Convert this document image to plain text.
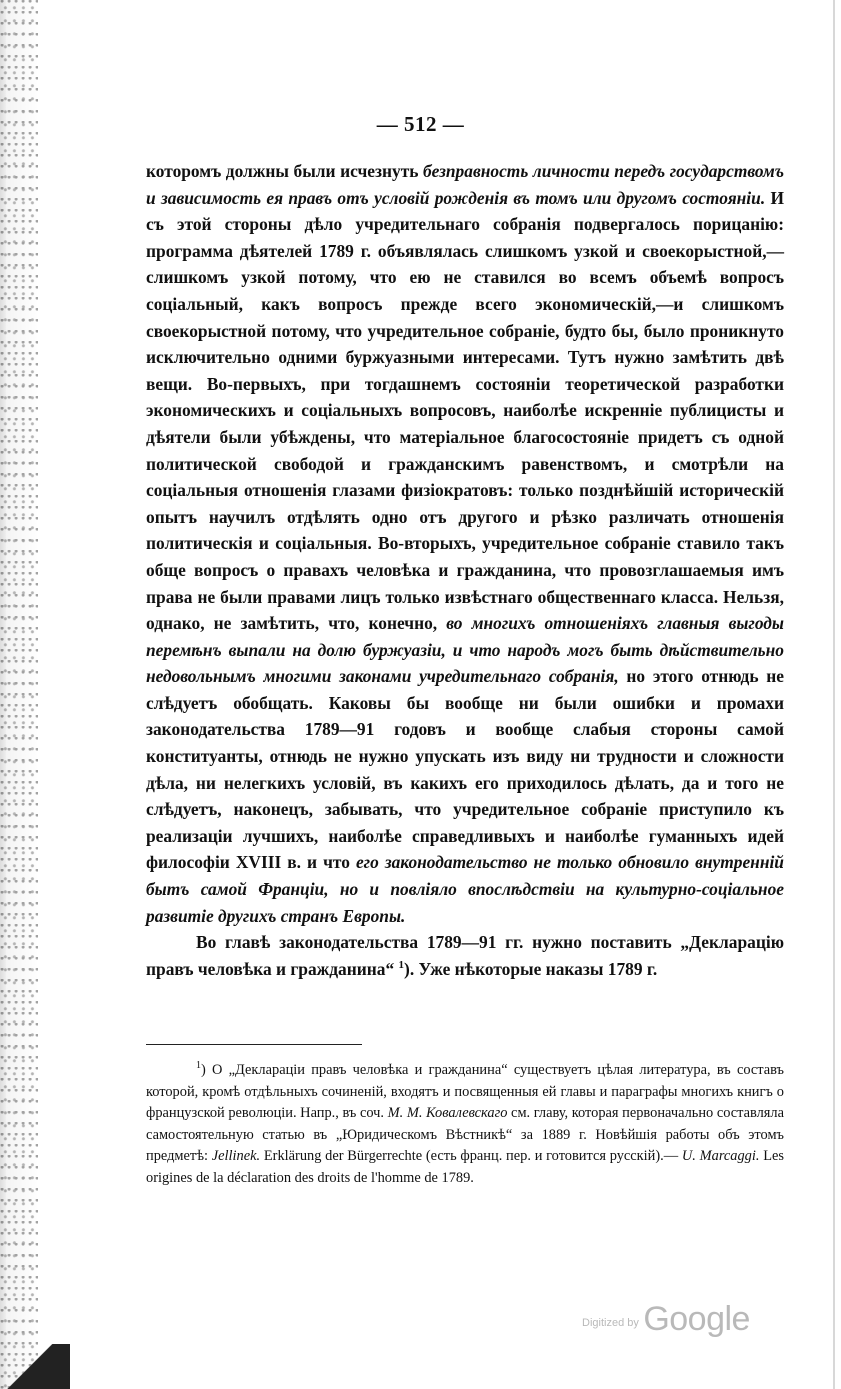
— 512 —

которомъ должны были исчезнуть безправность личности передъ государствомъ и зависимость ея правъ отъ условій рожденія въ томъ или другомъ состояніи. И съ этой стороны дѣло учредительнаго собранія подвергалось порицанію: программа дѣятелей 1789 г. объявлялась слишкомъ узкой и своекорыстной,—слишкомъ узкой потому, что ею не ставился во всемъ объемѣ вопросъ соціальный, какъ вопросъ прежде всего экономическій,—и слишкомъ своекорыстной потому, что учредительное собраніе, будто бы, было проникнуто исключительно одними буржуазными интересами. Тутъ нужно замѣтить двѣ вещи. Во-первыхъ, при тогдашнемъ состояніи теоретической разработки экономическихъ и соціальныхъ вопросовъ, наиболѣе искренніе публицисты и дѣятели были убѣждены, что матеріальное благосостояніе придетъ съ одной политической свободой и гражданскимъ равенствомъ, и смотрѣли на соціальныя отношенія глазами физіократовъ: только позднѣйшій историческій опытъ научилъ отдѣлять одно отъ другого и рѣзко различать отношенія политическія и соціальныя. Во-вторыхъ, учредительное собраніе ставило такъ обще вопросъ о правахъ человѣка и гражданина, что провозглашаемыя имъ права не были правами лицъ только извѣстнаго общественнаго класса. Нельзя, однако, не замѣтить, что, конечно, во многихъ отношеніяхъ главныя выгоды перемѣнъ выпали на долю буржуазіи, и что народъ могъ быть дѣйствительно недовольнымъ многими законами учредительнаго собранія, но этого отнюдь не слѣдуетъ обобщать. Каковы бы вообще ни были ошибки и промахи законодательства 1789—91 годовъ и вообще слабыя стороны самой конституанты, отнюдь не нужно упускать изъ виду ни трудности и сложности дѣла, ни нелегкихъ условій, въ какихъ его приходилось дѣлать, да и того не слѣдуетъ, наконецъ, забывать, что учредительное собраніе приступило къ реализаціи лучшихъ, наиболѣе справедливыхъ и наиболѣе гуманныхъ идей философіи XVIII в. и что его законодательство не только обновило внутренній бытъ самой Франціи, но и повліяло впослѣдствіи на культурно-соціальное развитіе другихъ странъ Европы.

Во главѣ законодательства 1789—91 гг. нужно поставить „Декларацію правъ человѣка и гражданина“ $^1$). Уже нѣкоторые наказы 1789 г.

$^1$) О „Деклараціи правъ человѣка и гражданина“ существуетъ цѣлая литература, въ составъ которой, кромѣ отдѣльныхъ сочиненій, входятъ и посвященныя ей главы и параграфы многихъ книгъ о французской революціи. Напр., въ соч. М. М. Ковалевскаго см. главу, которая первоначально составляла самостоятельную статью въ „Юридическомъ Вѣстникѣ“ за 1889 г. Новѣйшія работы объ этомъ предметѣ: Jellinek. Erklärung der Bürgerrechte (есть франц. пер. и готовится русскій).— U. Marcaggi. Les origines de la déclaration des droits de l'homme de 1789.

$^{Digitized by}$ Google
